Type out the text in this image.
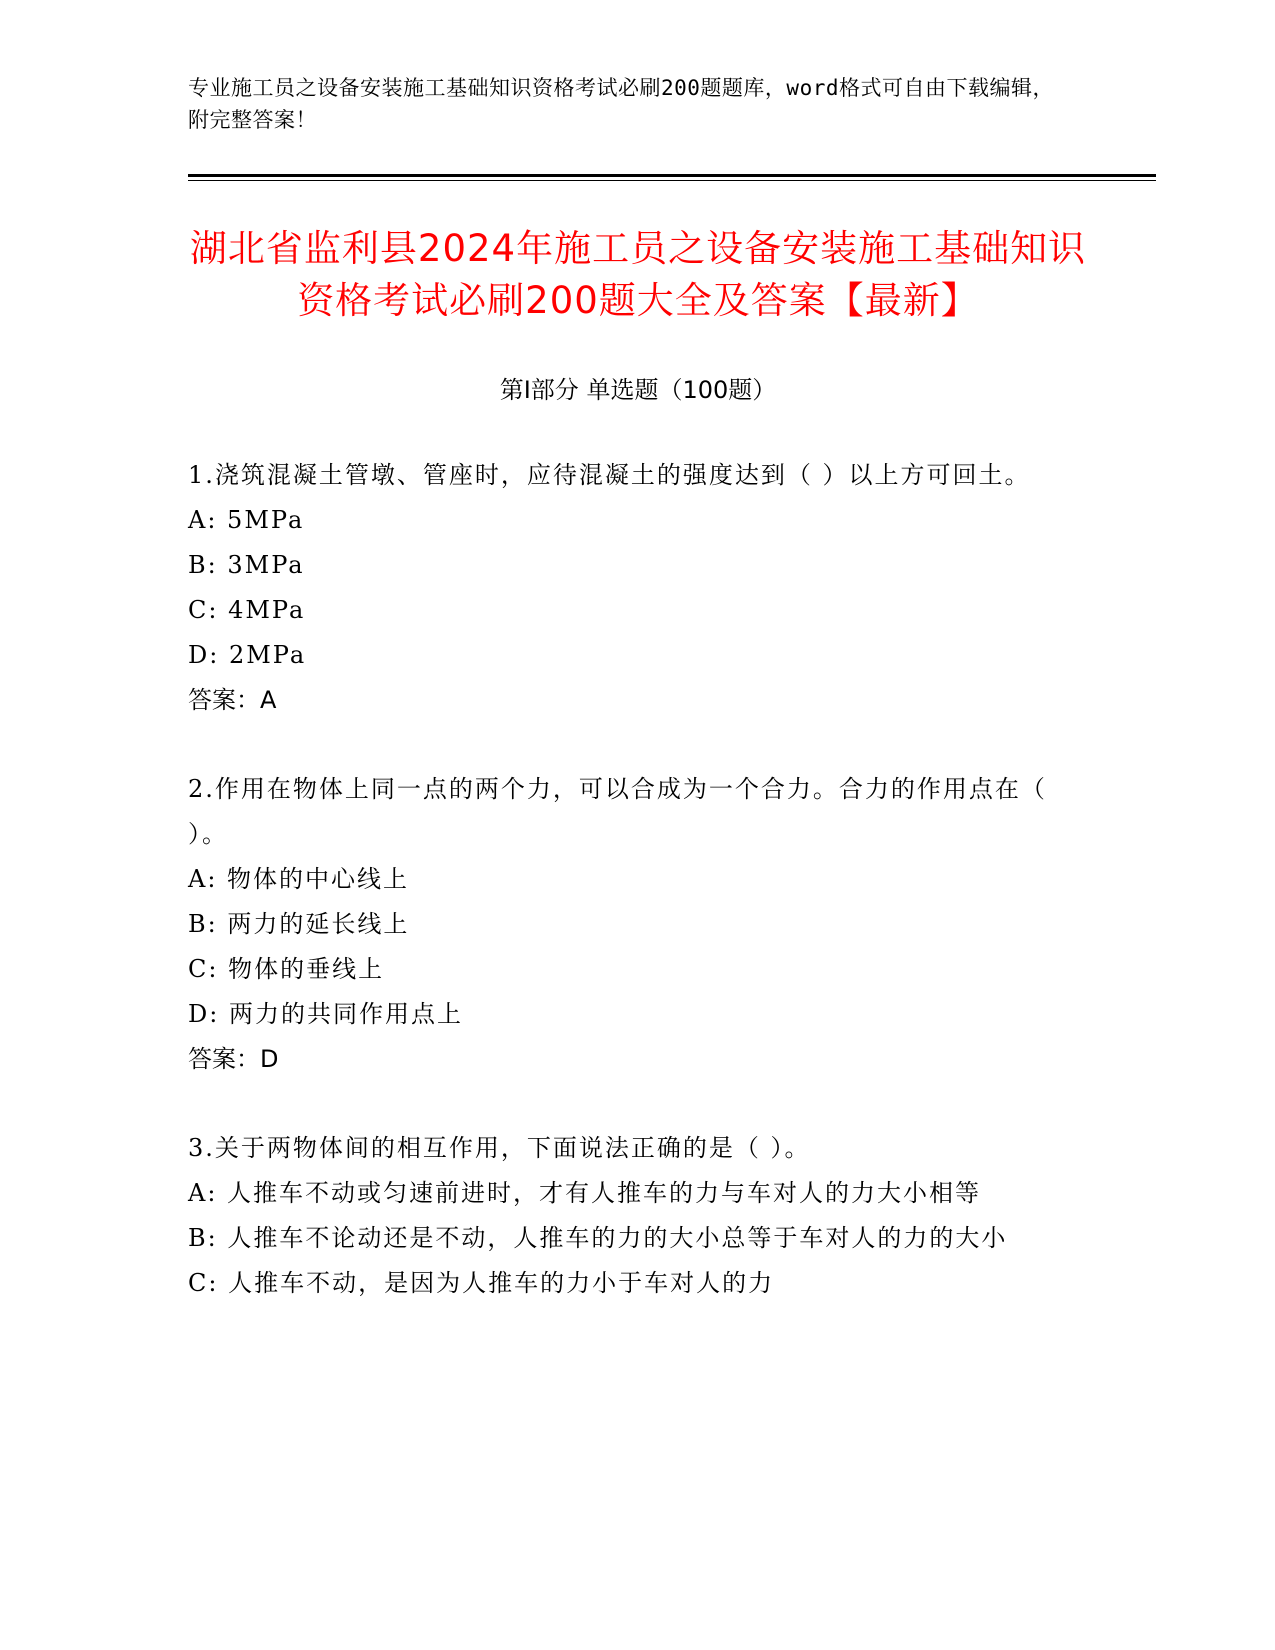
专业施工员之设备安装施工基础知识资格考试必刷200题题库，word格式可自由下载编辑，附完整答案！
湖北省监利县2024年施工员之设备安装施工基础知识资格考试必刷200题大全及答案【最新】
第I部分 单选题（100题）
1.浇筑混凝土管墩、管座时，应待混凝土的强度达到（ ）以上方可回土。
A: 5MPa
B: 3MPa
C: 4MPa
D: 2MPa
答案：A
2.作用在物体上同一点的两个力，可以合成为一个合力。合力的作用点在（ ）。
A: 物体的中心线上
B: 两力的延长线上
C: 物体的垂线上
D: 两力的共同作用点上
答案：D
3.关于两物体间的相互作用，下面说法正确的是（ ）。
A: 人推车不动或匀速前进时，才有人推车的力与车对人的力大小相等
B: 人推车不论动还是不动，人推车的力的大小总等于车对人的力的大小
C: 人推车不动，是因为人推车的力小于车对人的力
